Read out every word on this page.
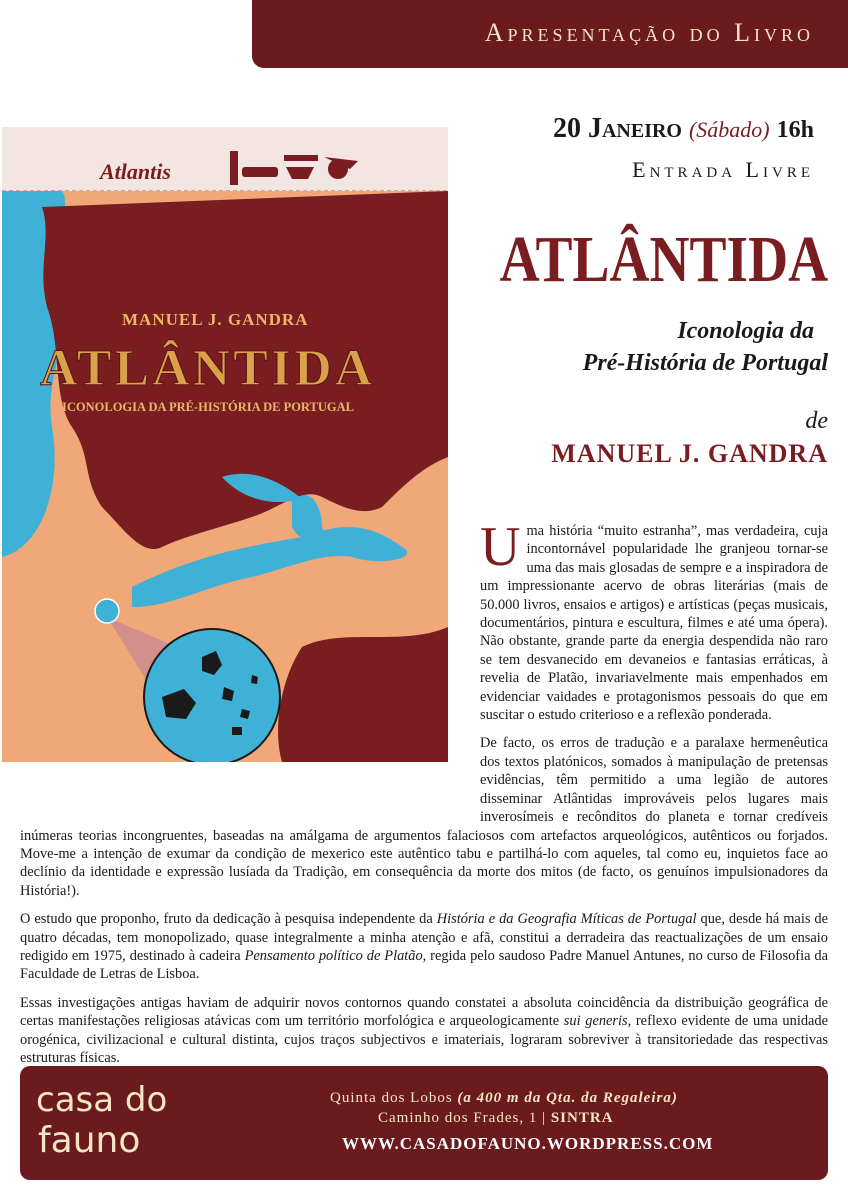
Apresentação do Livro
Atlantis
MANUEL J. GANDRA
ATLÂNTIDA
ICONOLOGIA DA PRÉ-HISTÓRIA DE PORTUGAL
20 Janeiro (Sábado) 16h
Entrada Livre
ATLÂNTIDA
Iconologia da
Pré-História de Portugal
de
MANUEL J. GANDRA

Uma história “muito estranha”, mas verdadeira, cuja incontornável popularidade lhe granjeou tornar-se uma das mais glosadas de sempre e a inspiradora de um impressionante acervo de obras literárias (mais de 50.000 livros, ensaios e artigos) e artísticas (peças musicais, documentários, pintura e escultura, filmes e até uma ópera). Não obstante, grande parte da energia despendida não raro se tem desvanecido em devaneios e fantasias erráticas, à revelia de Platão, invariavelmente mais empenhados em evidenciar vaidades e protagonismos pessoais do que em suscitar o estudo criterioso e a reflexão ponderada.

De facto, os erros de tradução e a paralaxe hermenêutica dos textos platónicos, somados à manipulação de pretensas evidências, têm permitido a uma legião de autores disseminar Atlântidas improváveis pelos lugares mais inverosímeis e recônditos do planeta e tornar credíveis inúmeras teorias incongruentes, baseadas na amálgama de argumentos falaciosos com artefactos arqueológicos, autênticos ou forjados. Move-me a intenção de exumar da condição de mexerico este autêntico tabu e partilhá-lo com aqueles, tal como eu, inquietos face ao declínio da identidade e expressão lusíada da Tradição, em consequência da morte dos mitos (de facto, os genuínos impulsionadores da História!).

O estudo que proponho, fruto da dedicação à pesquisa independente da História e da Geografia Míticas de Portugal que, desde há mais de quatro décadas, tem monopolizado, quase integralmente a minha atenção e afã, constitui a derradeira das reactualizações de um ensaio redigido em 1975, destinado à cadeira Pensamento político de Platão, regida pelo saudoso Padre Manuel Antunes, no curso de Filosofia da Faculdade de Letras de Lisboa.

Essas investigações antigas haviam de adquirir novos contornos quando constatei a absoluta coincidência da distribuição geográfica de certas manifestações religiosas atávicas com um território morfológica e arqueologicamente sui generis, reflexo evidente de uma unidade orogénica, civilizacional e cultural distinta, cujos traços subjectivos e imateriais, lograram sobreviver à transitoriedade das respectivas estruturas físicas.

casa do
fauno
Quinta dos Lobos (a 400 m da Qta. da Regaleira)
Caminho dos Frades, 1 | SINTRA
WWW.CASADOFAUNO.WORDPRESS.COM
